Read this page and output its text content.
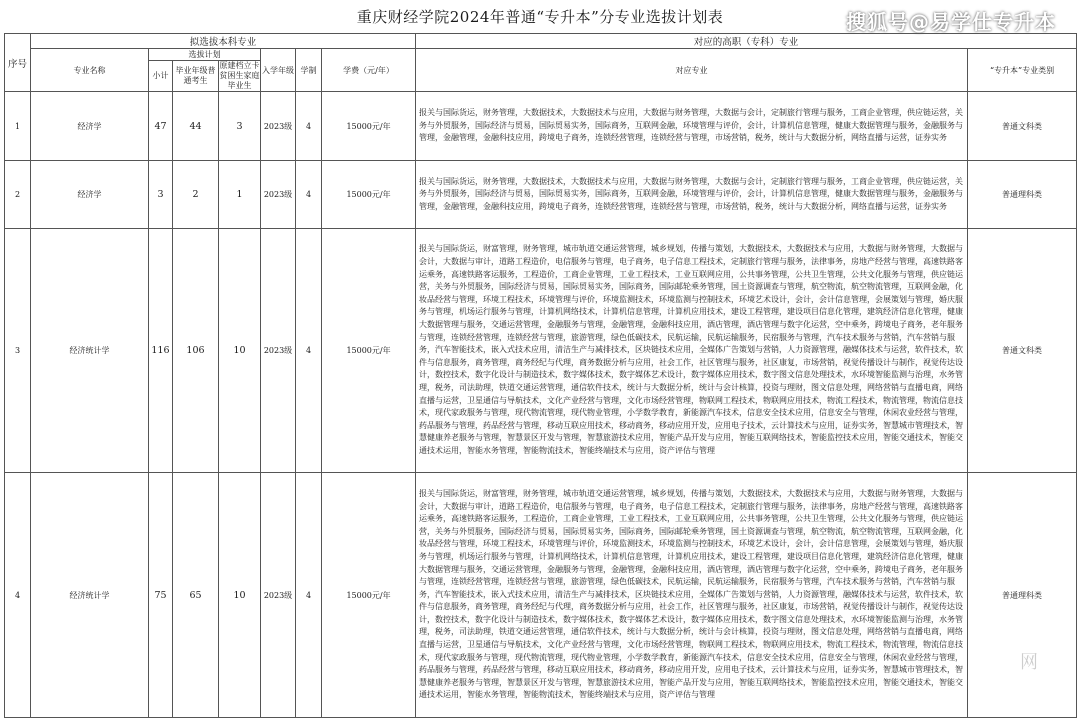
重庆财经学院2024年普通“专升本”分专业选拔计划表	搜狐号@易学仕专升本
序号	拟选拔本科专业							对应的高职（专科）专业	
	专业名称	选拔计划			入学年级	学制	学费（元/年）	对应专业	“专升本”专业类别
		小计	毕业年级普通考生	原建档立卡贫困生家庭毕业生					
1	经济学	47	44	3	2023级	4	15000元/年	报关与国际货运，财务管理，大数据技术，大数据技术与应用，大数据与财务管理，大数据与会计，定制旅行管理与服务，工商企业管理，供应链运营，关务与外贸服务，国际经济与贸易，国际贸易实务，国际商务，互联网金融，环境管理与评价，会计，计算机信息管理，健康大数据管理与服务，金融服务与管理，金融管理，金融科技应用，跨境电子商务，连锁经营管理，连锁经营与管理，市场营销，税务，统计与大数据分析，网络直播与运营，证券实务	普通文科类
2	经济学	3	2	1	2023级	4	15000元/年	报关与国际货运，财务管理，大数据技术，大数据技术与应用，大数据与财务管理，大数据与会计，定制旅行管理与服务，工商企业管理，供应链运营，关务与外贸服务，国际经济与贸易，国际贸易实务，国际商务，互联网金融，环境管理与评价，会计，计算机信息管理，健康大数据管理与服务，金融服务与管理，金融管理，金融科技应用，跨境电子商务，连锁经营管理，连锁经营与管理，市场营销，税务，统计与大数据分析，网络直播与运营，证券实务	普通理科类
3	经济统计学	116	106	10	2023级	4	15000元/年	报关与国际货运，财富管理，财务管理，城市轨道交通运营管理，城乡规划，传播与策划，大数据技术，大数据技术与应用，大数据与财务管理，大数据与会计，大数据与审计，道路工程造价，电信服务与管理，电子商务，电子信息工程技术，定制旅行管理与服务，法律事务，房地产经营与管理，高速铁路客运乘务，高速铁路客运服务，工程造价，工商企业管理，工业工程技术，工业互联网应用，公共事务管理，公共卫生管理，公共文化服务与管理，供应链运营，关务与外贸服务，国际经济与贸易，国际贸易实务，国际商务，国际邮轮乘务管理，国土资源调查与管理，航空物流，航空物流管理，互联网金融，化妆品经营与管理，环境工程技术，环境管理与评价，环境监测技术，环境监测与控制技术，环境艺术设计，会计，会计信息管理，会展策划与管理，婚庆服务与管理，机场运行服务与管理，计算机网络技术，计算机信息管理，计算机应用技术，建设工程管理，建设项目信息化管理，建筑经济信息化管理，健康大数据管理与服务，交通运营管理，金融服务与管理，金融管理，金融科技应用，酒店管理，酒店管理与数字化运营，空中乘务，跨境电子商务，老年服务与管理，连锁经营管理，连锁经营与管理，旅游管理，绿色低碳技术，民航运输，民航运输服务，民宿服务与管理，汽车技术服务与营销，汽车营销与服务，汽车智能技术，嵌入式技术应用，清洁生产与减排技术，区块链技术应用，全媒体广告策划与营销，人力资源管理，融媒体技术与运营，软件技术，软件与信息服务，商务管理，商务经纪与代理，商务数据分析与应用，社会工作，社区管理与服务，社区康复，市场营销，视觉传播设计与制作，视觉传达设计，数控技术，数字化设计与制造技术，数字媒体技术，数字媒体艺术设计，数字媒体应用技术，数字图文信息处理技术，水环境智能监测与治理，水务管理，税务，司法助理，铁道交通运营管理，通信软件技术，统计与大数据分析，统计与会计核算，投资与理财，图文信息处理，网络营销与直播电商，网络直播与运营，卫星通信与导航技术，文化产业经营与管理，文化市场经营管理，物联网工程技术，物联网应用技术，物流工程技术，物流管理，物流信息技术，现代家政服务与管理，现代物流管理，现代物业管理，小学数学教育，新能源汽车技术，信息安全技术应用，信息安全与管理，休闲农业经营与管理，药品服务与管理，药品经营与管理，移动互联应用技术，移动商务，移动应用开发，应用电子技术，云计算技术与应用，证券实务，智慧城市管理技术，智慧健康养老服务与管理，智慧景区开发与管理，智慧旅游技术应用，智能产品开发与应用，智能互联网络技术，智能监控技术应用，智能交通技术，智能交通技术运用，智能水务管理，智能物流技术，智能终端技术与应用，资产评估与管理	普通文科类
4	经济统计学	75	65	10	2023级	4	15000元/年	报关与国际货运，财富管理，财务管理，城市轨道交通运营管理，城乡规划，传播与策划，大数据技术，大数据技术与应用，大数据与财务管理，大数据与会计，大数据与审计，道路工程造价，电信服务与管理，电子商务，电子信息工程技术，定制旅行管理与服务，法律事务，房地产经营与管理，高速铁路客运乘务，高速铁路客运服务，工程造价，工商企业管理，工业工程技术，工业互联网应用，公共事务管理，公共卫生管理，公共文化服务与管理，供应链运营，关务与外贸服务，国际经济与贸易，国际贸易实务，国际商务，国际邮轮乘务管理，国土资源调查与管理，航空物流，航空物流管理，互联网金融，化妆品经营与管理，环境工程技术，环境管理与评价，环境监测技术，环境监测与控制技术，环境艺术设计，会计，会计信息管理，会展策划与管理，婚庆服务与管理，机场运行服务与管理，计算机网络技术，计算机信息管理，计算机应用技术，建设工程管理，建设项目信息化管理，建筑经济信息化管理，健康大数据管理与服务，交通运营管理，金融服务与管理，金融管理，金融科技应用，酒店管理，酒店管理与数字化运营，空中乘务，跨境电子商务，老年服务与管理，连锁经营管理，连锁经营与管理，旅游管理，绿色低碳技术，民航运输，民航运输服务，民宿服务与管理，汽车技术服务与营销，汽车营销与服务，汽车智能技术，嵌入式技术应用，清洁生产与减排技术，区块链技术应用，全媒体广告策划与营销，人力资源管理，融媒体技术与运营，软件技术，软件与信息服务，商务管理，商务经纪与代理，商务数据分析与应用，社会工作，社区管理与服务，社区康复，市场营销，视觉传播设计与制作，视觉传达设计，数控技术，数字化设计与制造技术，数字媒体技术，数字媒体艺术设计，数字媒体应用技术，数字图文信息处理技术，水环境智能监测与治理，水务管理，税务，司法助理，铁道交通运营管理，通信软件技术，统计与大数据分析，统计与会计核算，投资与理财，图文信息处理，网络营销与直播电商，网络直播与运营，卫星通信与导航技术，文化产业经营与管理，文化市场经营管理，物联网工程技术，物联网应用技术，物流工程技术，物流管理，物流信息技术，现代家政服务与管理，现代物流管理，现代物业管理，小学数学教育，新能源汽车技术，信息安全技术应用，信息安全与管理，休闲农业经营与管理，药品服务与管理，药品经营与管理，移动互联应用技术，移动商务，移动应用开发，应用电子技术，云计算技术与应用，证券实务，智慧城市管理技术，智慧健康养老服务与管理，智慧景区开发与管理，智慧旅游技术应用，智能产品开发与应用，智能互联网络技术，智能监控技术应用，智能交通技术，智能交通技术运用，智能水务管理，智能物流技术，智能终端技术与应用，资产评估与管理	普通理科类
网
